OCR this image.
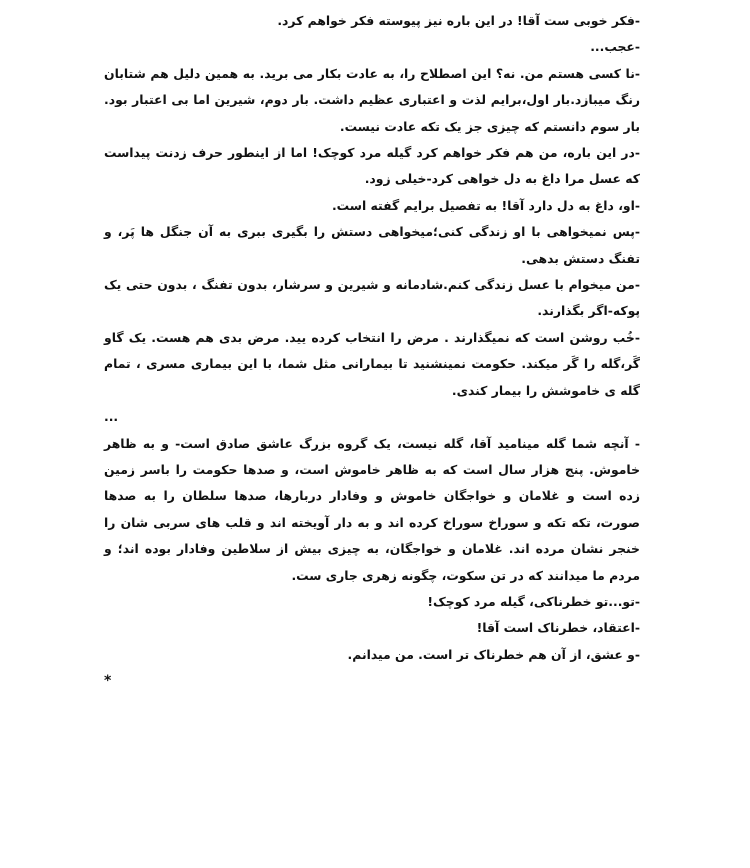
-فکر خوبی ست آقا! در این باره نیز پیوسته فکر خواهم کرد.

-عجب...

-نا کسی هستم من. نه؟ این اصطلاح را، به عادت بکار می برید. به همین دلیل هم شتابان رنگ میبازد.بار اول،برایم لذت و اعتباری عظیم داشت. بار دوم، شیرین اما بی اعتبار بود. بار سوم دانستم که چیزی جز یک تکه عادت نیست.

-در این باره، من هم فکر خواهم کرد گیله مرد کوچک! اما از اینطور حرف زدنت پیداست که عسل مرا داغ به دل خواهی کرد-خیلی زود.

-او، داغ به دل دارد آقا! به تفصیل برایم گفته است.

-پس نمیخواهی با او زندگی کنی؛میخواهی دستش را بگیری ببری به آن جنگل ها پَر، و تفنگ دستش بدهی.

-من میخوام با عسل زندگی کنم.شادمانه و شیرین و سرشار، بدون تفنگ ، بدون حتی یک پوکه-اگر بگذارند.

-خُب روشن است که نمیگذارند . مرض را انتخاب کرده یید. مرض بدی هم هست. یک گاو گَر،گله را گَر میکند. حکومت نمینشنید تا بیمارانی مثل شما، با این بیماری مسری ، تمام گله ی خاموشش را بیمار کندی.

...

- آنچه شما گله مینامید آقا، گله نیست، یک گروه بزرگ عاشق صادق است- و به ظاهر خاموش. پنج هزار سال است که به ظاهر خاموش است، و صدها حکومت را باسر زمین زده است و غلامان و خواجگان خاموش و وفادار دربارها، صدها سلطان را به صدها صورت، تکه تکه و سوراخ سوراخ کرده اند و به دار آویخته اند و قلب های سربی شان را خنجر نشان مرده اند. غلامان و خواجگان، به چیزی بیش از سلاطین وفادار بوده اند؛ و مردم ما میدانند که در تن سکوت، چگونه زهری جاری ست.

-تو...تو خطرناکی، گیله مرد کوچک!

-اعتقاد، خطرناک است آقا!

-و عشق، از آن هم خطرناک تر است. من میدانم.

*
